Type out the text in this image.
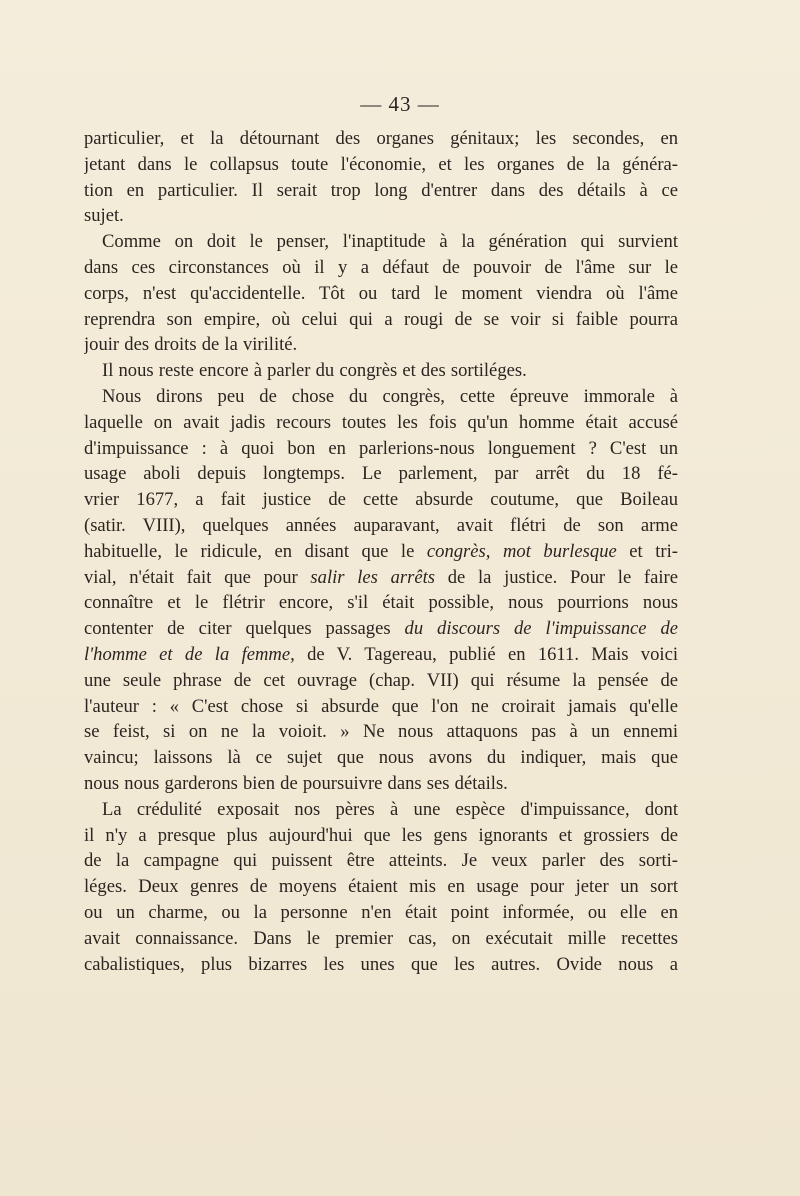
— 43 —
particulier, et la détournant des organes génitaux; les secondes, en
jetant dans le collapsus toute l'économie, et les organes de la généra-
tion en particulier. Il serait trop long d'entrer dans des détails à ce
sujet.
Comme on doit le penser, l'inaptitude à la génération qui survient
dans ces circonstances où il y a défaut de pouvoir de l'âme sur le
corps, n'est qu'accidentelle. Tôt ou tard le moment viendra où l'âme
reprendra son empire, où celui qui a rougi de se voir si faible pourra
jouir des droits de la virilité.
Il nous reste encore à parler du congrès et des sortiléges.
Nous dirons peu de chose du congrès, cette épreuve immorale à
laquelle on avait jadis recours toutes les fois qu'un homme était accusé
d'impuissance : à quoi bon en parlerions-nous longuement ? C'est un
usage aboli depuis longtemps. Le parlement, par arrêt du 18 fé-
vrier 1677, a fait justice de cette absurde coutume, que Boileau
(satir. VIII), quelques années auparavant, avait flétri de son arme
habituelle, le ridicule, en disant que le congrès, mot burlesque et tri-
vial, n'était fait que pour salir les arrêts de la justice. Pour le faire
connaître et le flétrir encore, s'il était possible, nous pourrions nous
contenter de citer quelques passages du discours de l'impuissance de
l'homme et de la femme, de V. Tagereau, publié en 1611. Mais voici
une seule phrase de cet ouvrage (chap. VII) qui résume la pensée de
l'auteur : « C'est chose si absurde que l'on ne croirait jamais qu'elle
se feist, si on ne la voioit. » Ne nous attaquons pas à un ennemi
vaincu; laissons là ce sujet que nous avons du indiquer, mais que
nous nous garderons bien de poursuivre dans ses détails.
La crédulité exposait nos pères à une espèce d'impuissance, dont
il n'y a presque plus aujourd'hui que les gens ignorants et grossiers de
de la campagne qui puissent être atteints. Je veux parler des sorti-
léges. Deux genres de moyens étaient mis en usage pour jeter un sort
ou un charme, ou la personne n'en était point informée, ou elle en
avait connaissance. Dans le premier cas, on exécutait mille recettes
cabalistiques, plus bizarres les unes que les autres. Ovide nous a
